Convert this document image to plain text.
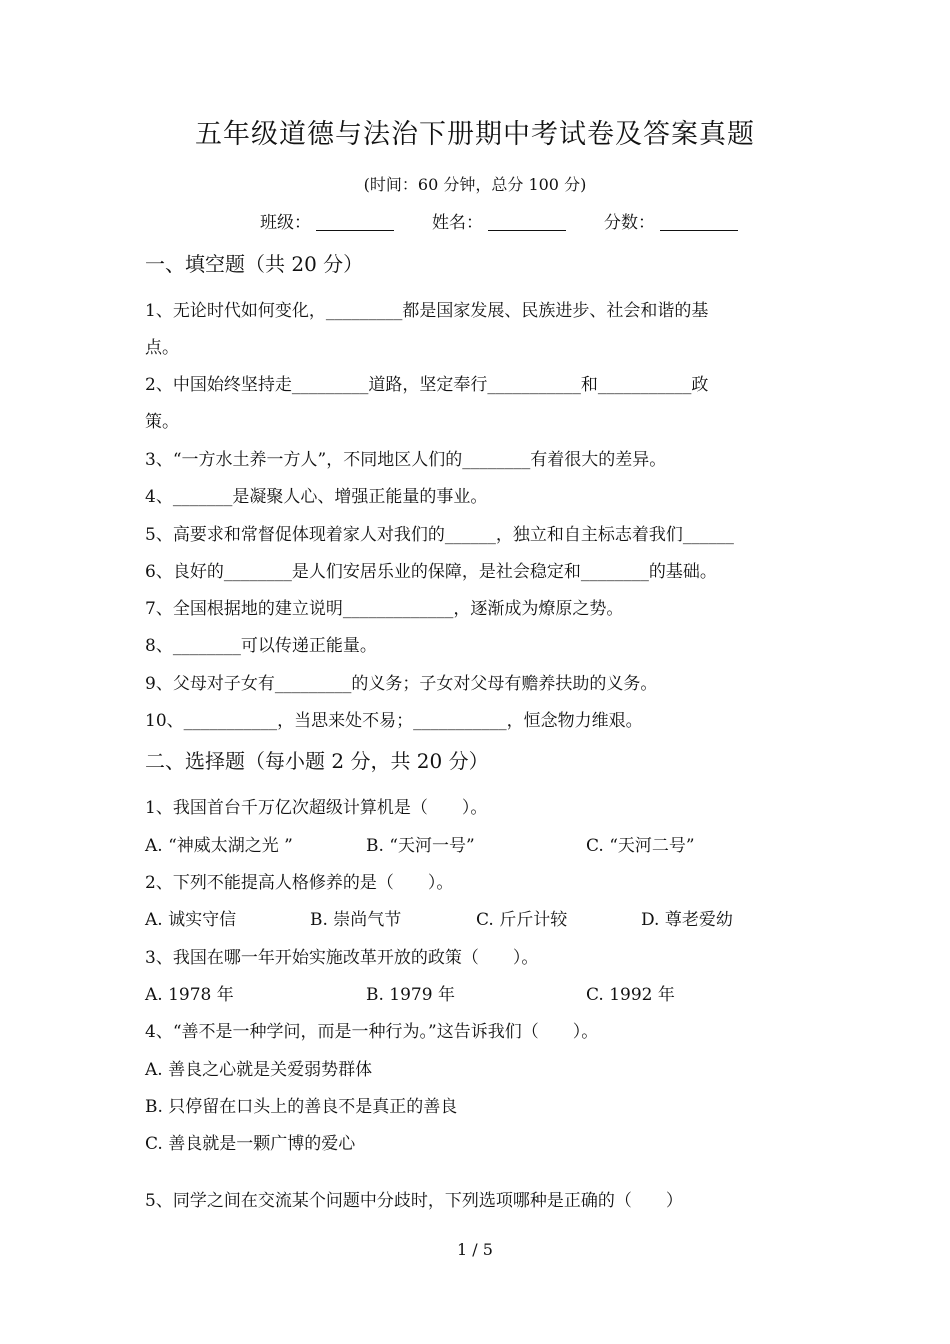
五年级道德与法治下册期中考试卷及答案真题
(时间：60 分钟，总分 100 分)
班级：	姓名：	分数：
一、填空题（共 20 分）
1、无论时代如何变化，_________都是国家发展、民族进步、社会和谐的基
点。
2、中国始终坚持走_________道路，坚定奉行___________和___________政
策。
3、“一方水土养一方人”，不同地区人们的________有着很大的差异。
4、_______是凝聚人心、增强正能量的事业。
5、高要求和常督促体现着家人对我们的______，独立和自主标志着我们______
6、良好的________是人们安居乐业的保障，是社会稳定和________的基础。
7、全国根据地的建立说明_____________，逐渐成为燎原之势。
8、________可以传递正能量。
9、父母对子女有_________的义务；子女对父母有赡养扶助的义务。
10、___________，当思来处不易；___________，恒念物力维艰。
二、选择题（每小题 2 分，共 20 分）
1、我国首台千万亿次超级计算机是（　　）。
A. “神威太湖之光 ”	B. “天河一号”	C. “天河二号”
2、下列不能提高人格修养的是（　　）。
A. 诚实守信	B. 崇尚气节	C. 斤斤计较	D. 尊老爱幼
3、我国在哪一年开始实施改革开放的政策（　　）。
A. 1978 年	B. 1979 年	C. 1992 年
4、“善不是一种学问，而是一种行为。”这告诉我们（　　）。
A. 善良之心就是关爱弱势群体
B. 只停留在口头上的善良不是真正的善良
C. 善良就是一颗广博的爱心
5、同学之间在交流某个问题中分歧时，下列选项哪种是正确的（　　）
1 / 5
